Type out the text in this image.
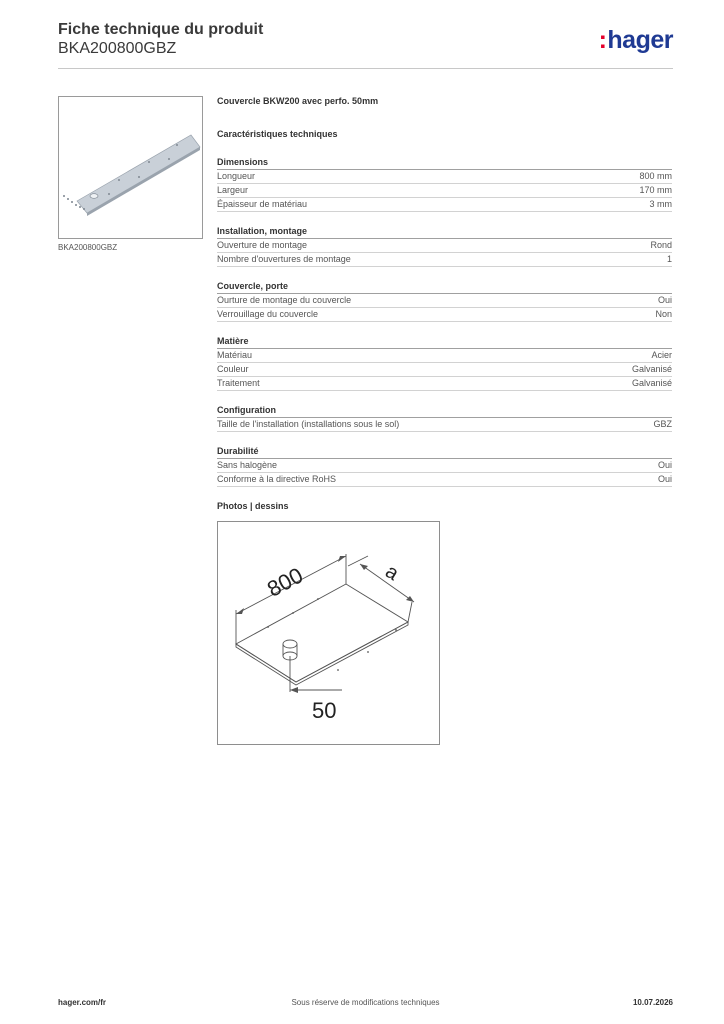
Fiche technique du produit
BKA200800GBZ	:hager
BKA200800GBZ
Couvercle BKW200 avec perfo. 50mm
Caractéristiques techniques
Dimensions
Longueur	800 mm
Largeur	170 mm
Épaisseur de matériau	3 mm
Installation, montage
Ouverture de montage	Rond
Nombre d'ouvertures de montage	1
Couvercle, porte
Ourture de montage du couvercle	Oui
Verrouillage du couvercle	Non
Matière
Matériau	Acier
Couleur	Galvanisé
Traitement	Galvanisé
Configuration
Taille de l'installation (installations sous le sol)	GBZ
Durabilité
Sans halogène	Oui
Conforme à la directive RoHS	Oui
Photos | dessins
800	a
50
hager.com/fr	Sous réserve de modifications techniques	10.07.2026
